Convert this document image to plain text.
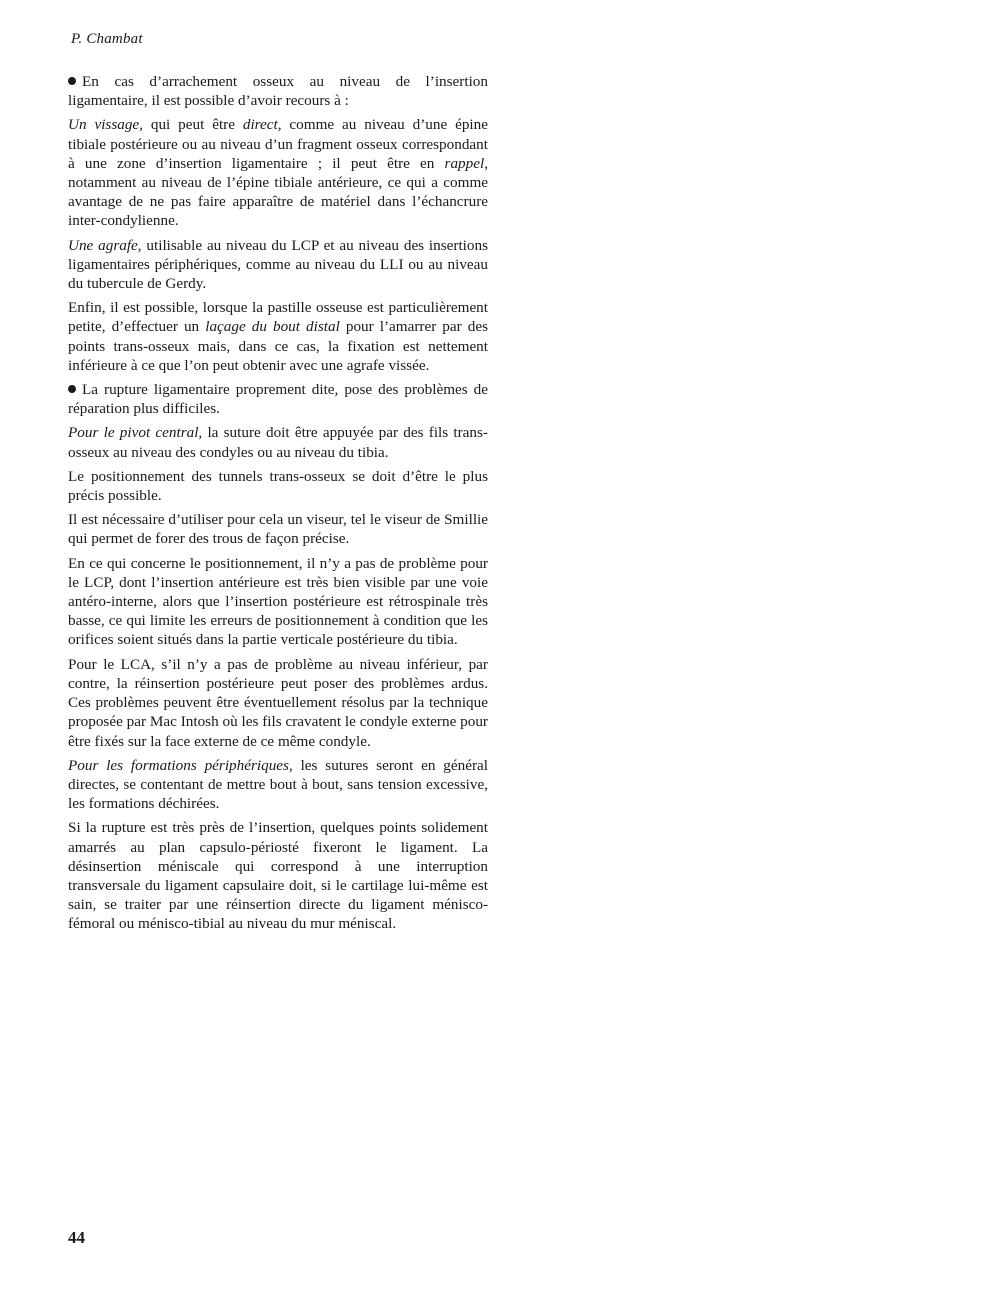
P. Chambat

En cas d’arrachement osseux au niveau de l’insertion ligamentaire, il est possible d’avoir recours à :

Un vissage, qui peut être direct, comme au niveau d’une épine tibiale postérieure ou au niveau d’un fragment osseux correspondant à une zone d’insertion ligamentaire ; il peut être en rappel, notamment au niveau de l’épine tibiale antérieure, ce qui a comme avantage de ne pas faire apparaître de matériel dans l’échancrure inter-condylienne.

Une agrafe, utilisable au niveau du LCP et au niveau des insertions ligamentaires périphériques, comme au niveau du LLI ou au niveau du tubercule de Gerdy.

Enfin, il est possible, lorsque la pastille osseuse est particulièrement petite, d’effectuer un laçage du bout distal pour l’amarrer par des points trans-osseux mais, dans ce cas, la fixation est nettement inférieure à ce que l’on peut obtenir avec une agrafe vissée.

La rupture ligamentaire proprement dite, pose des problèmes de réparation plus difficiles.

Pour le pivot central, la suture doit être appuyée par des fils trans-osseux au niveau des condyles ou au niveau du tibia.

Le positionnement des tunnels trans-osseux se doit d’être le plus précis possible.

Il est nécessaire d’utiliser pour cela un viseur, tel le viseur de Smillie qui permet de forer des trous de façon précise.

En ce qui concerne le positionnement, il n’y a pas de problème pour le LCP, dont l’insertion antérieure est très bien visible par une voie antéro-interne, alors que l’insertion postérieure est rétrospinale très basse, ce qui limite les erreurs de positionnement à condition que les orifices soient situés dans la partie verticale postérieure du tibia.

Pour le LCA, s’il n’y a pas de problème au niveau inférieur, par contre, la réinsertion postérieure peut poser des problèmes ardus. Ces problèmes peuvent être éventuellement résolus par la technique proposée par Mac Intosh où les fils cravatent le condyle externe pour être fixés sur la face externe de ce même condyle.

Pour les formations périphériques, les sutures seront en général directes, se contentant de mettre bout à bout, sans tension excessive, les formations déchirées.

Si la rupture est très près de l’insertion, quelques points solidement amarrés au plan capsulo-périosté fixeront le ligament. La désinsertion méniscale qui correspond à une interruption transversale du ligament capsulaire doit, si le cartilage lui-même est sain, se traiter par une réinsertion directe du ligament ménisco-fémoral ou ménisco-tibial au niveau du mur méniscal.

44
